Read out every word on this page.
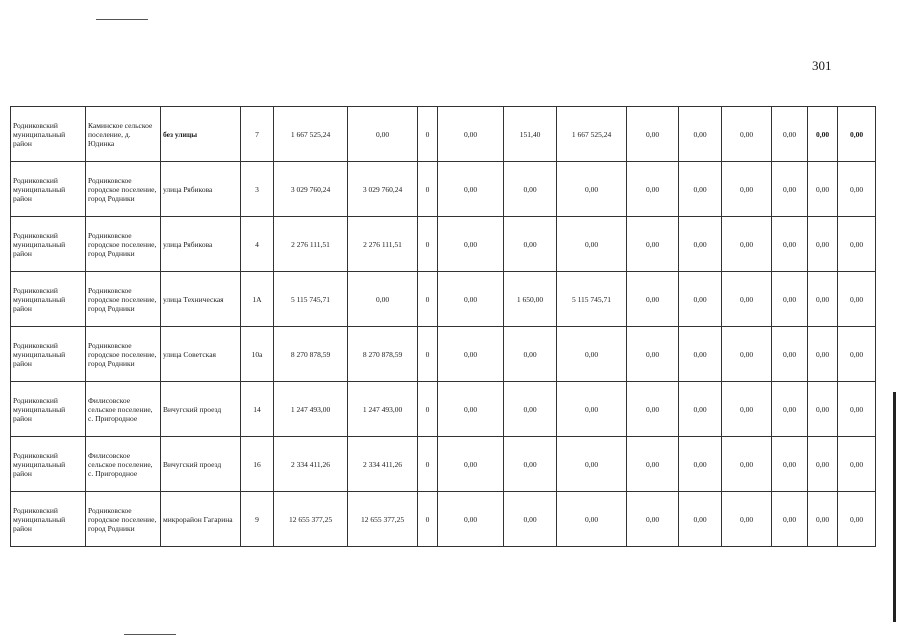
301
Родниковский муниципальный район	Каминское сельское поселение, д. Юдинка	без улицы	7	1 667 525,24	0,00	0	0,00	151,40	1 667 525,24	0,00	0,00	0,00	0,00	0,00	0,00
Родниковский муниципальный район	Родниковское городское поселение, город Родники	улица Рябикова	3	3 029 760,24	3 029 760,24	0	0,00	0,00	0,00	0,00	0,00	0,00	0,00	0,00	0,00
Родниковский муниципальный район	Родниковское городское поселение, город Родники	улица Рябикова	4	2 276 111,51	2 276 111,51	0	0,00	0,00	0,00	0,00	0,00	0,00	0,00	0,00	0,00
Родниковский муниципальный район	Родниковское городское поселение, город Родники	улица Техническая	1А	5 115 745,71	0,00	0	0,00	1 650,00	5 115 745,71	0,00	0,00	0,00	0,00	0,00	0,00
Родниковский муниципальный район	Родниковское городское поселение, город Родники	улица Советская	10а	8 270 878,59	8 270 878,59	0	0,00	0,00	0,00	0,00	0,00	0,00	0,00	0,00	0,00
Родниковский муниципальный район	Филисовское сельское поселение, с. Пригородное	Вичугский проезд	14	1 247 493,00	1 247 493,00	0	0,00	0,00	0,00	0,00	0,00	0,00	0,00	0,00	0,00
Родниковский муниципальный район	Филисовское сельское поселение, с. Пригородное	Вичугский проезд	16	2 334 411,26	2 334 411,26	0	0,00	0,00	0,00	0,00	0,00	0,00	0,00	0,00	0,00
Родниковский муниципальный район	Родниковское городское поселение, город Родники	микрорайон Гагарина	9	12 655 377,25	12 655 377,25	0	0,00	0,00	0,00	0,00	0,00	0,00	0,00	0,00	0,00
